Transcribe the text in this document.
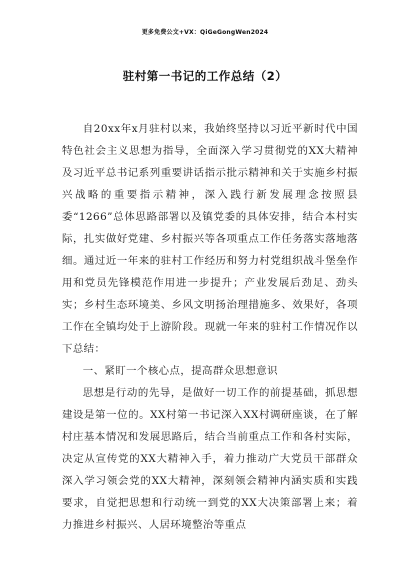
更多免费公文+VX：QiGeGongWen2024
驻村第一书记的工作总结（2）

自20xx年x月驻村以来，我始终坚持以习近平新时代中国特色社会主义思想为指导，全面深入学习贯彻党的XX大精神及习近平总书记系列重要讲话指示批示精神和关于实施乡村振兴战略的重要指示精神，深入践行新发展理念按照县委“1266”总体思路部署以及镇党委的具体安排，结合本村实际，扎实做好党建、乡村振兴等各项重点工作任务落实落地落细。通过近一年来的驻村工作经历和努力村党组织战斗堡垒作用和党员先锋模范作用进一步提升；产业发展后劲足、劲头实；乡村生态环境美、乡风文明扬治理措施多、效果好，各项工作在全镇均处于上游阶段。现就一年来的驻村工作情况作以下总结：

一、紧盯一个核心点，提高群众思想意识

思想是行动的先导，是做好一切工作的前提基础，抓思想建设是第一位的。XX村第一书记深入XX村调研座谈，在了解村庄基本情况和发展思路后，结合当前重点工作和各村实际，决定从宣传党的XX大精神入手，着力推动广大党员干部群众深入学习领会党的XX大精神，深刻领会精神内涵实质和实践要求，自觉把思想和行动统一到党的XX大决策部署上来；着力推进乡村振兴、人居环境整治等重点
